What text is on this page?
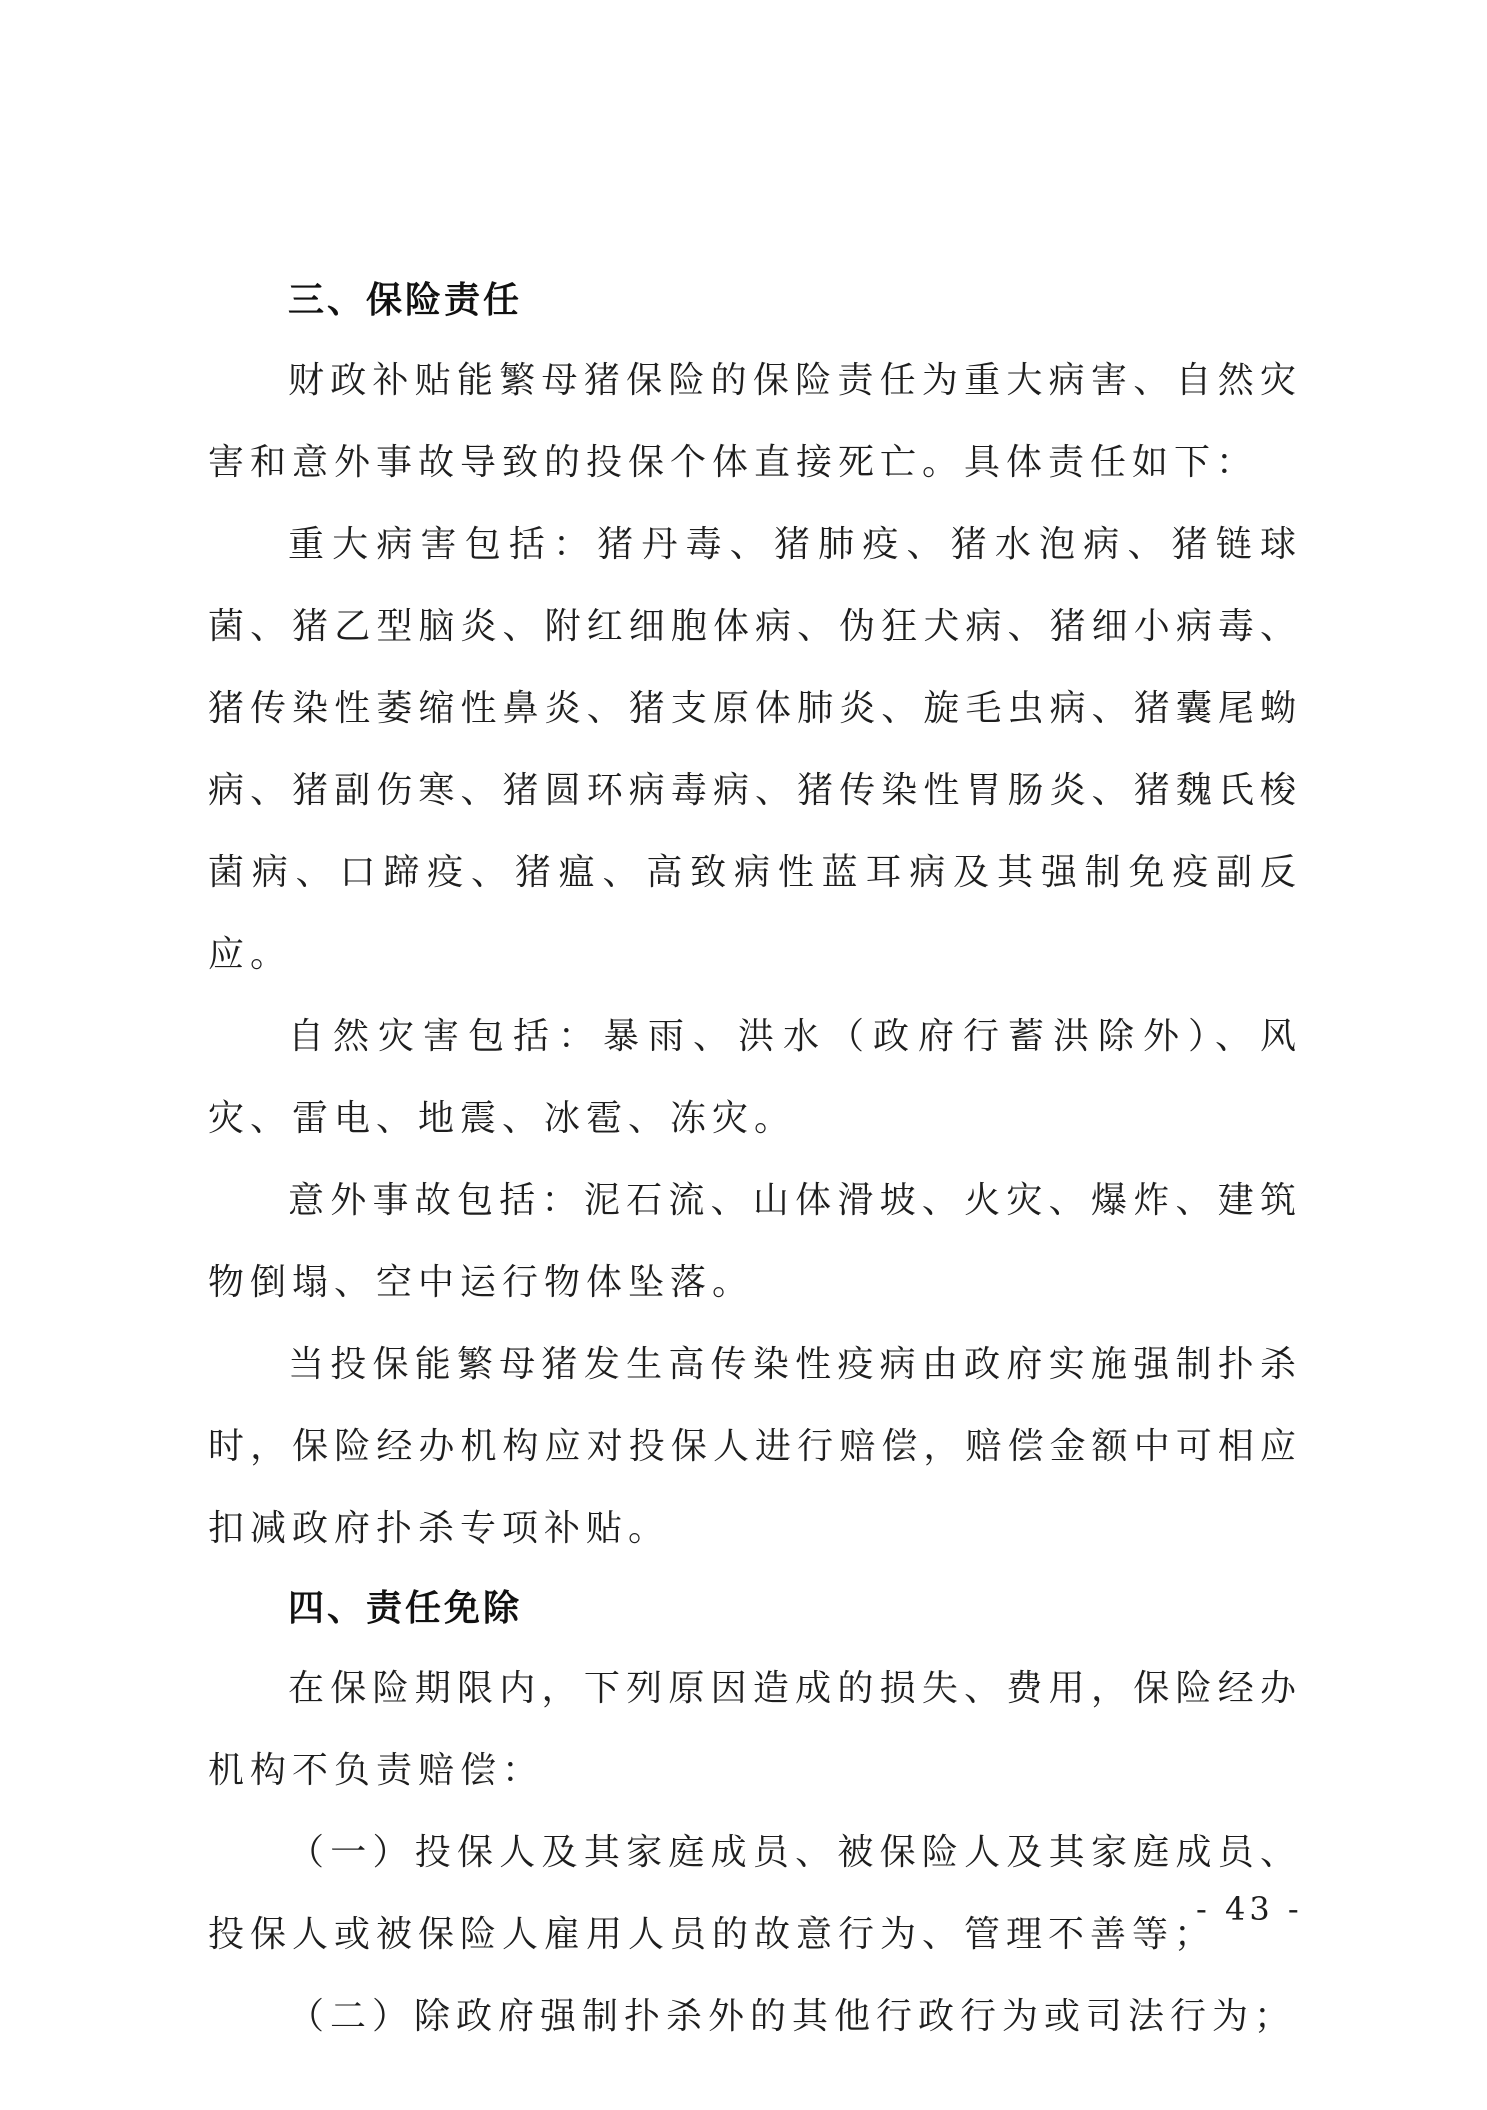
三、保险责任

财政补贴能繁母猪保险的保险责任为重大病害、自然灾害和意外事故导致的投保个体直接死亡。具体责任如下：

重大病害包括：猪丹毒、猪肺疫、猪水泡病、猪链球菌、猪乙型脑炎、附红细胞体病、伪狂犬病、猪细小病毒、猪传染性萎缩性鼻炎、猪支原体肺炎、旋毛虫病、猪囊尾蚴病、猪副伤寒、猪圆环病毒病、猪传染性胃肠炎、猪魏氏梭菌病、口蹄疫、猪瘟、高致病性蓝耳病及其强制免疫副反应。

自然灾害包括：暴雨、洪水（政府行蓄洪除外）、风灾、雷电、地震、冰雹、冻灾。

意外事故包括：泥石流、山体滑坡、火灾、爆炸、建筑物倒塌、空中运行物体坠落。

当投保能繁母猪发生高传染性疫病由政府实施强制扑杀时，保险经办机构应对投保人进行赔偿，赔偿金额中可相应扣减政府扑杀专项补贴。

四、责任免除

在保险期限内，下列原因造成的损失、费用，保险经办机构不负责赔偿：

（一）投保人及其家庭成员、被保险人及其家庭成员、投保人或被保险人雇用人员的故意行为、管理不善等；

（二）除政府强制扑杀外的其他行政行为或司法行为；

- 43 -
